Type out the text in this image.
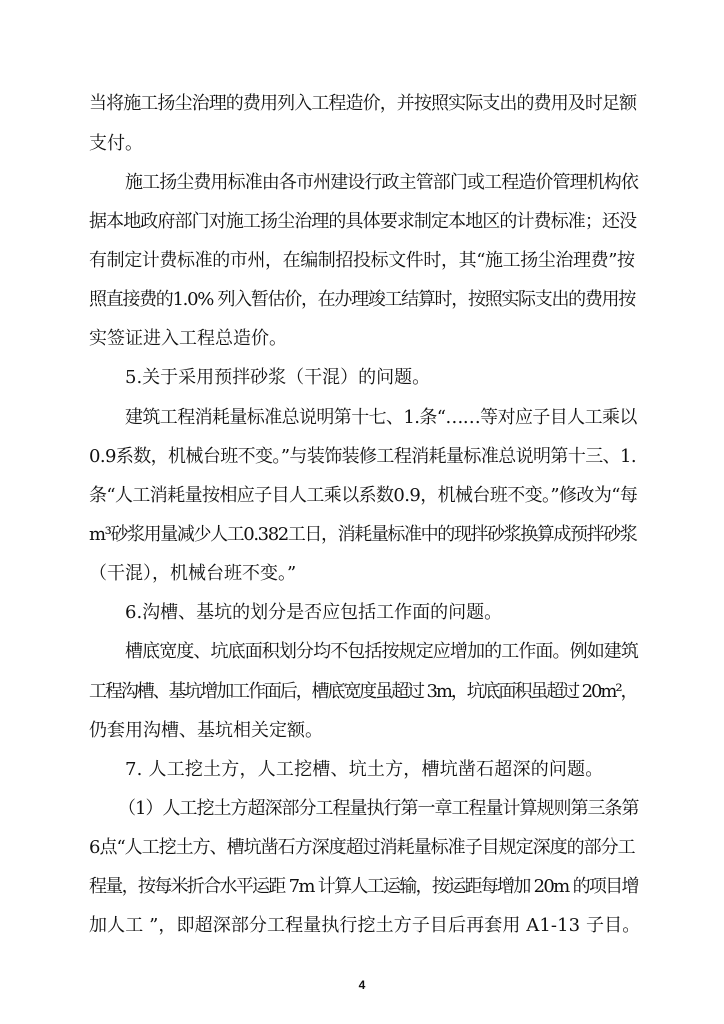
当将施工扬尘治理的费用列入工程造价，并按照实际支出的费用及时足额
支付。
施工扬尘费用标准由各市州建设行政主管部门或工程造价管理机构依
据本地政府部门对施工扬尘治理的具体要求制定本地区的计费标准；还没
有制定计费标准的市州，在编制招投标文件时，其“施工扬尘治理费”按
照直接费的1.0% 列入暂估价，在办理竣工结算时，按照实际支出的费用按
实签证进入工程总造价。
5.关于采用预拌砂浆（干混）的问题。
建筑工程消耗量标准总说明第十七、1.条“……等对应子目人工乘以
0.9系数，机械台班不变。”与装饰装修工程消耗量标准总说明第十三、1.
条“人工消耗量按相应子目人工乘以系数0.9，机械台班不变。”修改为“每
m³砂浆用量减少人工0.382工日，消耗量标准中的现拌砂浆换算成预拌砂浆
（干混），机械台班不变。”
6.沟槽、基坑的划分是否应包括工作面的问题。
槽底宽度、坑底面积划分均不包括按规定应增加的工作面。例如建筑
工程沟槽、基坑增加工作面后，槽底宽度虽超过 3m，坑底面积虽超过 20m²，
仍套用沟槽、基坑相关定额。
7. 人工挖土方，人工挖槽、坑土方，槽坑凿石超深的问题。
（1）人工挖土方超深部分工程量执行第一章工程量计算规则第三条第
6点“人工挖土方、槽坑凿石方深度超过消耗量标准子目规定深度的部分工
程量，按每米折合水平运距 7m 计算人工运输，按运距每增加 20m 的项目增
加人工 ”，即超深部分工程量执行挖土方子目后再套用 A1-13 子目。
4
